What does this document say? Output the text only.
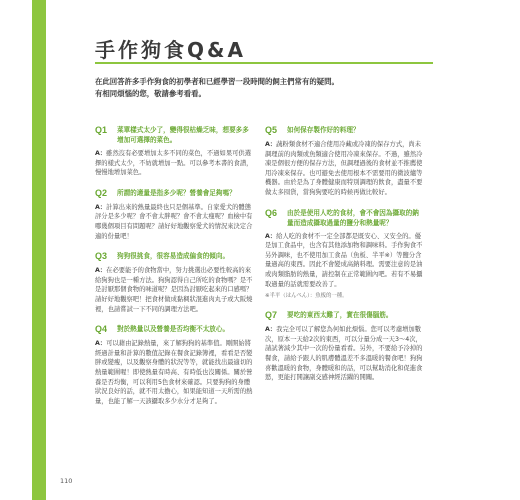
手作狗食Q&A

在此回答許多手作狗食的初學者和已經學習一段時間的飼主們常有的疑問。

有相同煩惱的您，敬請參考看看。

Q1	菜單樣式太少了，變得很枯燥乏味，想要多多增加可選擇的菜色。
A：雖然沒有必要增加太多不同的菜色，不過如果可供選擇的樣式太少，不妨就增加一點。可以參考本書的食譜，慢慢地增加菜色。
Q2	所謂的適量是指多少呢？營養會足夠嗎？
A：計算出來的熱量最終也只是個基準。自家愛犬的體態評分是多少呢？會不會太胖呢？會不會太瘦呢？血檢中有哪幾個項目有問題呢？請好好地觀察愛犬的情況來決定合適的份量吧！
Q3	狗狗很挑食，很容易造成偏食的傾向。
A：在必要能予的食物當中，努力挑選出必要性較高的來給狗狗也是一種方法。狗狗認得自己所吃的食物嗎？是不是討厭那個食物的味道呢？是因為討厭吃起來的口感嗎？請好好地觀察吧！把食材做成黏稠狀混進肉丸子或大阪燒裡，也請嘗試一下不同的調理方法吧。
Q4	對於熱量以及營養是否均衡不太放心。
A：可以藉由記錄熱量，來了解狗狗的基準值。剛開始將經過計量和計算的數值記錄在餐食記錄簿裡，看看是否變胖或變瘦，以及觀察身體的狀況等等，就能找出最適切的熱量範圍喔！即使熱量有時高、有時低也沒關係。關於營養是否均衡，可以利用5色食材來確認。只要狗狗的身體狀況良好的話，就不用太擔心，如果能知道一天所需的熱量，也能了解一天該攝取多少水分才足夠了。
Q5	如何保存製作好的料理？
A：蔬粉類食材不適合使用冷藏或冷凍的保存方式，尚未調理前的肉類或魚類適合使用冷凍來保存。不過，雖然冷凍是個很方便的保存方法，但調理過後的食材並不推薦使用冷凍來保存。也可避免去使用根本不需要用的微波爐等機器。由於是為了身體健康而特別調理的飲食，盡量不要做太多囤貨，當狗狗要吃的時候再做比較好。
Q6	由於是使用人吃的食材，會不會因為攝取的鈉量而造成攝取過量的鹽分和熱量呢？
A：給人吃的食材不一定全部都是既安心、又安全的。優是加工食品中，也含有其他添加物和調味料。手作狗食不另外調味，也不使用加工食品（魚板、半平※）等鹽分含量過高的東西。因此不會變成高鈉料理。需要注意的是油或肉類脂肪的熱量，請控制在正常範圍內吧。若有不易攝取過量的話就需要改善了。
※半平（はんぺん）：魚板的一種。
Q7	要吃的東西太難了，實在很傷腦筋。
A：我完全可以了解您為何如此煩惱。您可以考慮增加數次，原本一天給2次的東西，可以分量分成一天3〜4次，請試著減少其中一次的份量看看。另外，不要給予冷掉的餐食，請給予跟人的肌膚體溫差不多溫暖的餐食吧！狗狗喜歡溫暖的食物，身體暖和的話，可以幫助消化和促進食慾，更能打開讓副交感神經活躍的開關。
110
